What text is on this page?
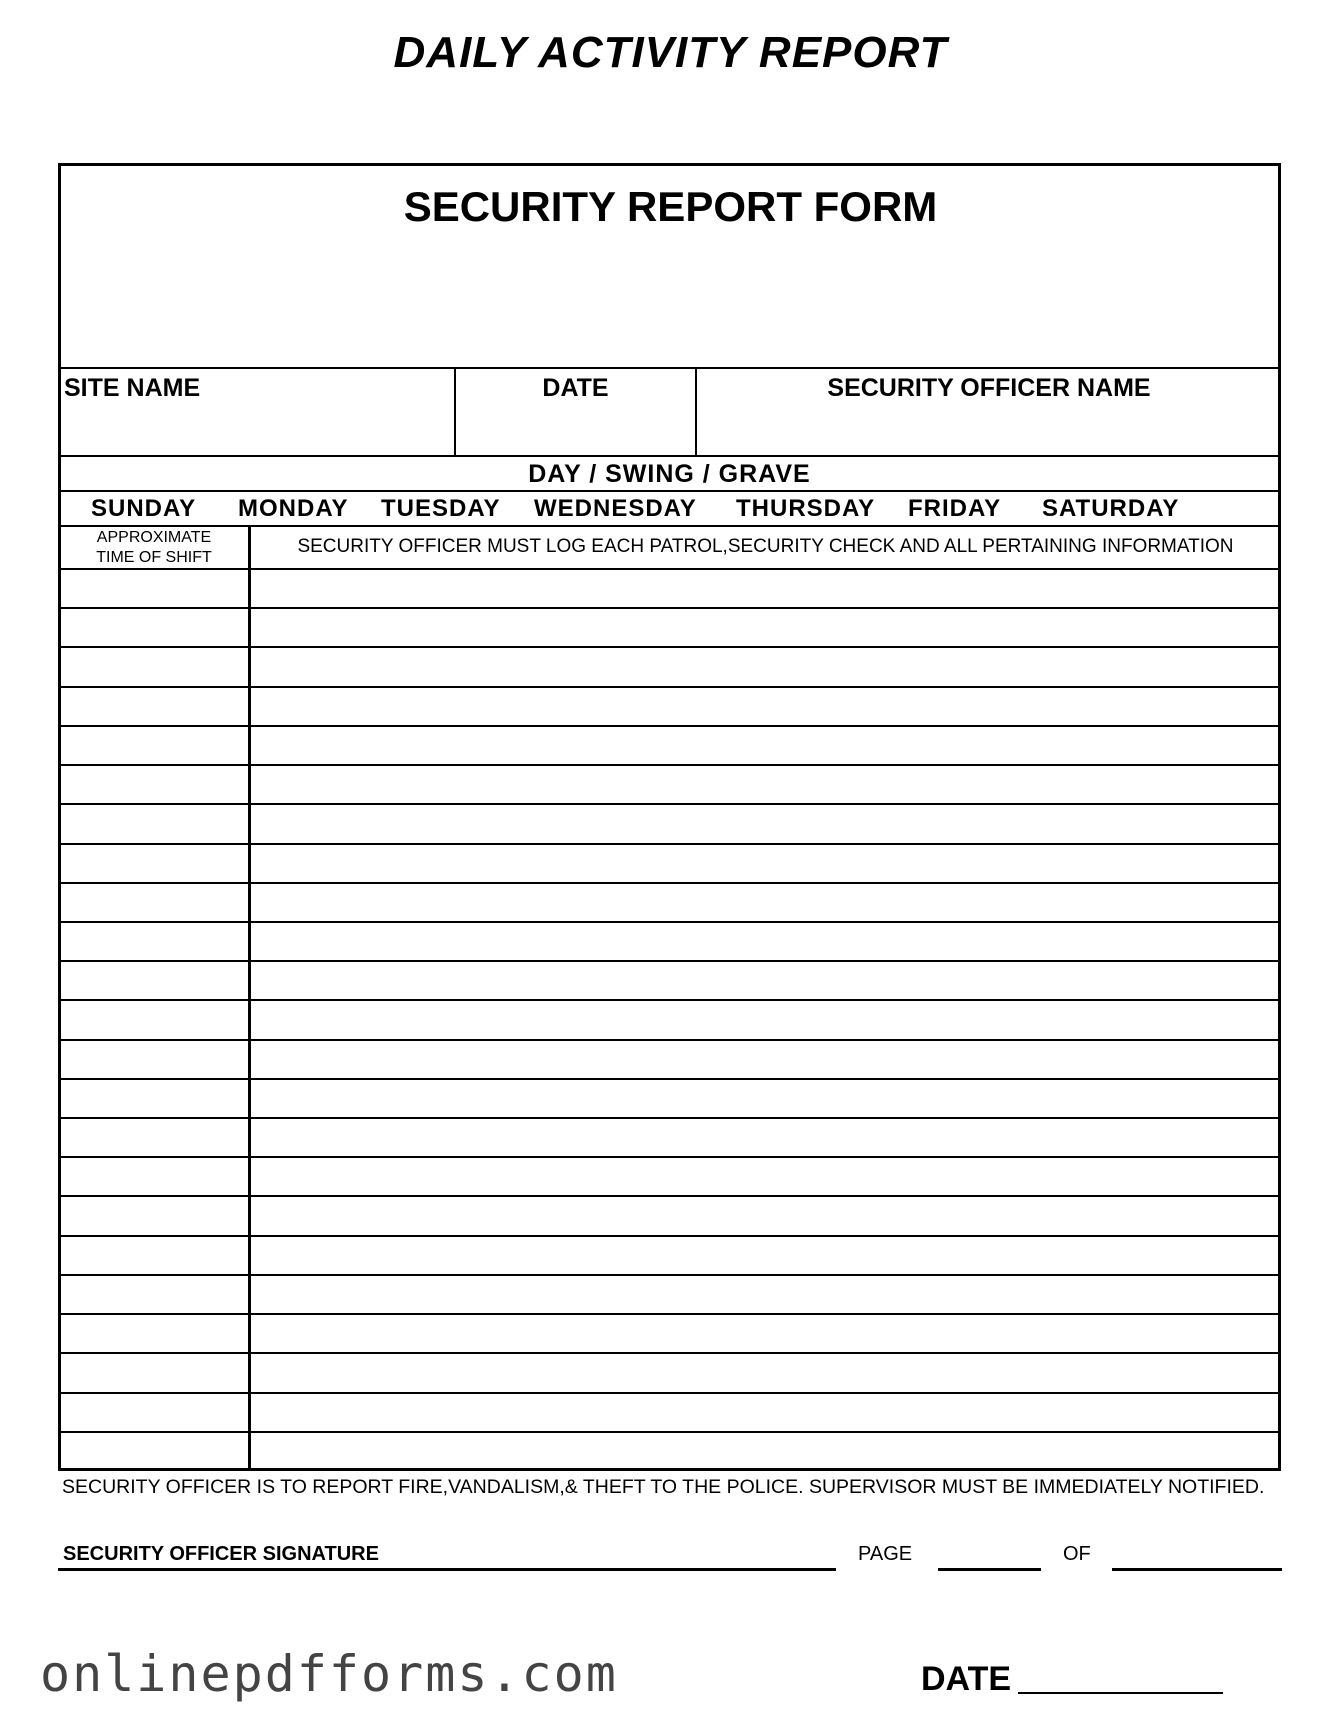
DAILY ACTIVITY REPORT
SECURITY REPORT FORM
SITE NAME	DATE	SECURITY OFFICER NAME
DAY / SWING / GRAVE
SUNDAY MONDAY TUESDAY WEDNESDAY THURSDAY FRIDAY SATURDAY
APPROXIMATE
TIME OF SHIFT
SECURITY OFFICER MUST LOG EACH PATROL,SECURITY CHECK AND ALL PERTAINING INFORMATION
SECURITY OFFICER IS TO REPORT FIRE,VANDALISM,& THEFT TO THE POLICE. SUPERVISOR MUST BE IMMEDIATELY NOTIFIED.
SECURITY OFFICER SIGNATURE	PAGE	OF
onlinepdfforms.com	DATE
